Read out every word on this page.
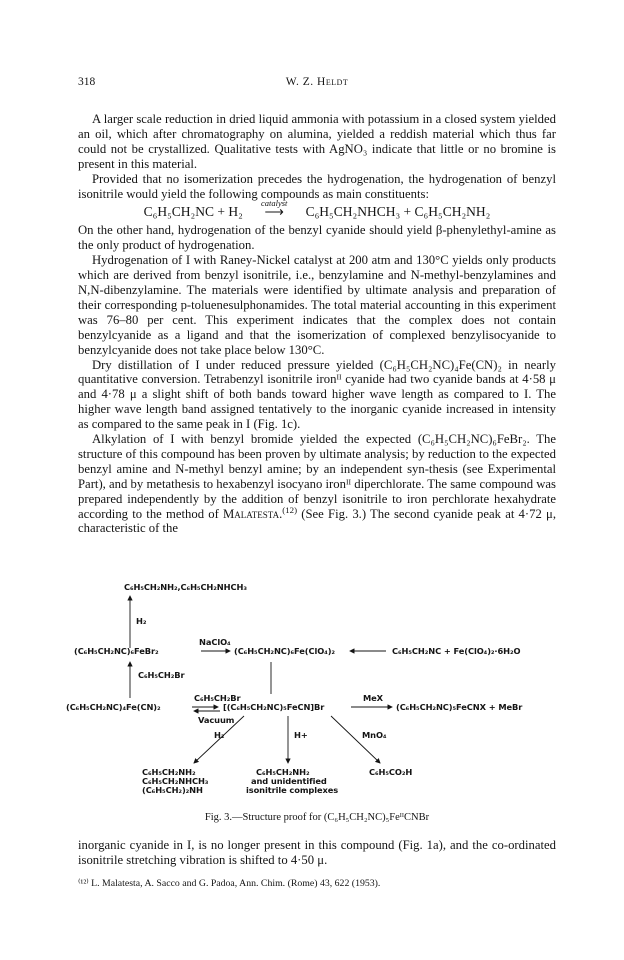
318	W. Z. Heldt

A larger scale reduction in dried liquid ammonia with potassium in a closed system yielded an oil, which after chromatography on alumina, yielded a reddish material which thus far could not be crystallized. Qualitative tests with AgNO₃ indicate that little or no bromine is present in this material.

Provided that no isomerization precedes the hydrogenation, the hydrogenation of benzyl isonitrile would yield the following compounds as main constituents:

C₆H₅CH₂NC + H₂
catalyst
⟶ C₆H₅CH₂NHCH₃ + C₆H₅CH₂NH₂

On the other hand, hydrogenation of the benzyl cyanide should yield β-phenylethyl-amine as the only product of hydrogenation.

Hydrogenation of I with Raney-Nickel catalyst at 200 atm and 130°C yields only products which are derived from benzyl isonitrile, i.e., benzylamine and N-methyl-benzylamines and N,N-dibenzylamine. The materials were identified by ultimate analysis and preparation of their corresponding p-toluenesulphonamides. The total material accounting in this experiment was 76–80 per cent. This experiment indicates that the complex does not contain benzylcyanide as a ligand and that the isomerization of complexed benzylisocyanide to benzylcyanide does not take place below 130°C.

Dry distillation of I under reduced pressure yielded (C₆H₅CH₂NC)₄Fe(CN)₂ in nearly quantitative conversion. Tetrabenzyl isonitrile ironᴵᴵ cyanide had two cyanide bands at 4·58 μ and 4·78 μ a slight shift of both bands toward higher wave length as compared to I. The higher wave length band assigned tentatively to the inorganic cyanide increased in intensity as compared to the same peak in I (Fig. 1c).

Alkylation of I with benzyl bromide yielded the expected (C₆H₅CH₂NC)₆FeBr₂. The structure of this compound has been proven by ultimate analysis; by reduction to the expected benzyl amine and N-methyl benzyl amine; by an independent syn-thesis (see Experimental Part), and by metathesis to hexabenzyl isocyano ironᴵᴵ diperchlorate. The same compound was prepared independently by the addition of benzyl isonitrile to iron perchlorate hexahydrate according to the method of Malatesta.$^{(12)}$ (See Fig. 3.) The second cyanide peak at 4·72 μ, characteristic of the

C₆H₅CH₂NH₂,C₆H₅CH₂NHCH₃
H₂
(C₆H₅CH₂NC)₆FeBr₂
NaClO₄
(C₆H₅CH₂NC)₆Fe(ClO₄)₂	C₆H₅CH₂NC + Fe(ClO₄)₂·6H₂O
C₆H₅CH₂Br
(C₆H₅CH₂NC)₄Fe(CN)₂
C₆H₅CH₂Br
Vacuum
[(C₆H₅CH₂NC)₅FeCN]Br
MeX
(C₆H₅CH₂NC)₅FeCNX + MeBr
H₂	H+	MnO₄
C₆H₅CH₂NH₂
C₆H₅CH₂NHCH₃
(C₆H₅CH₂)₂NH
C₆H₅CH₂NH₂
and unidentified
isonitrile complexes
C₆H₅CO₂H
Fig. 3.—Structure proof for (C₆H₅CH₂NC)₅FeᴵᴵCNBr

inorganic cyanide in I, is no longer present in this compound (Fig. 1a), and the co-ordinated isonitrile stretching vibration is shifted to 4·50 μ.

⁽¹²⁾ L. Malatesta, A. Sacco and G. Padoa, Ann. Chim. (Rome) 43, 622 (1953).
